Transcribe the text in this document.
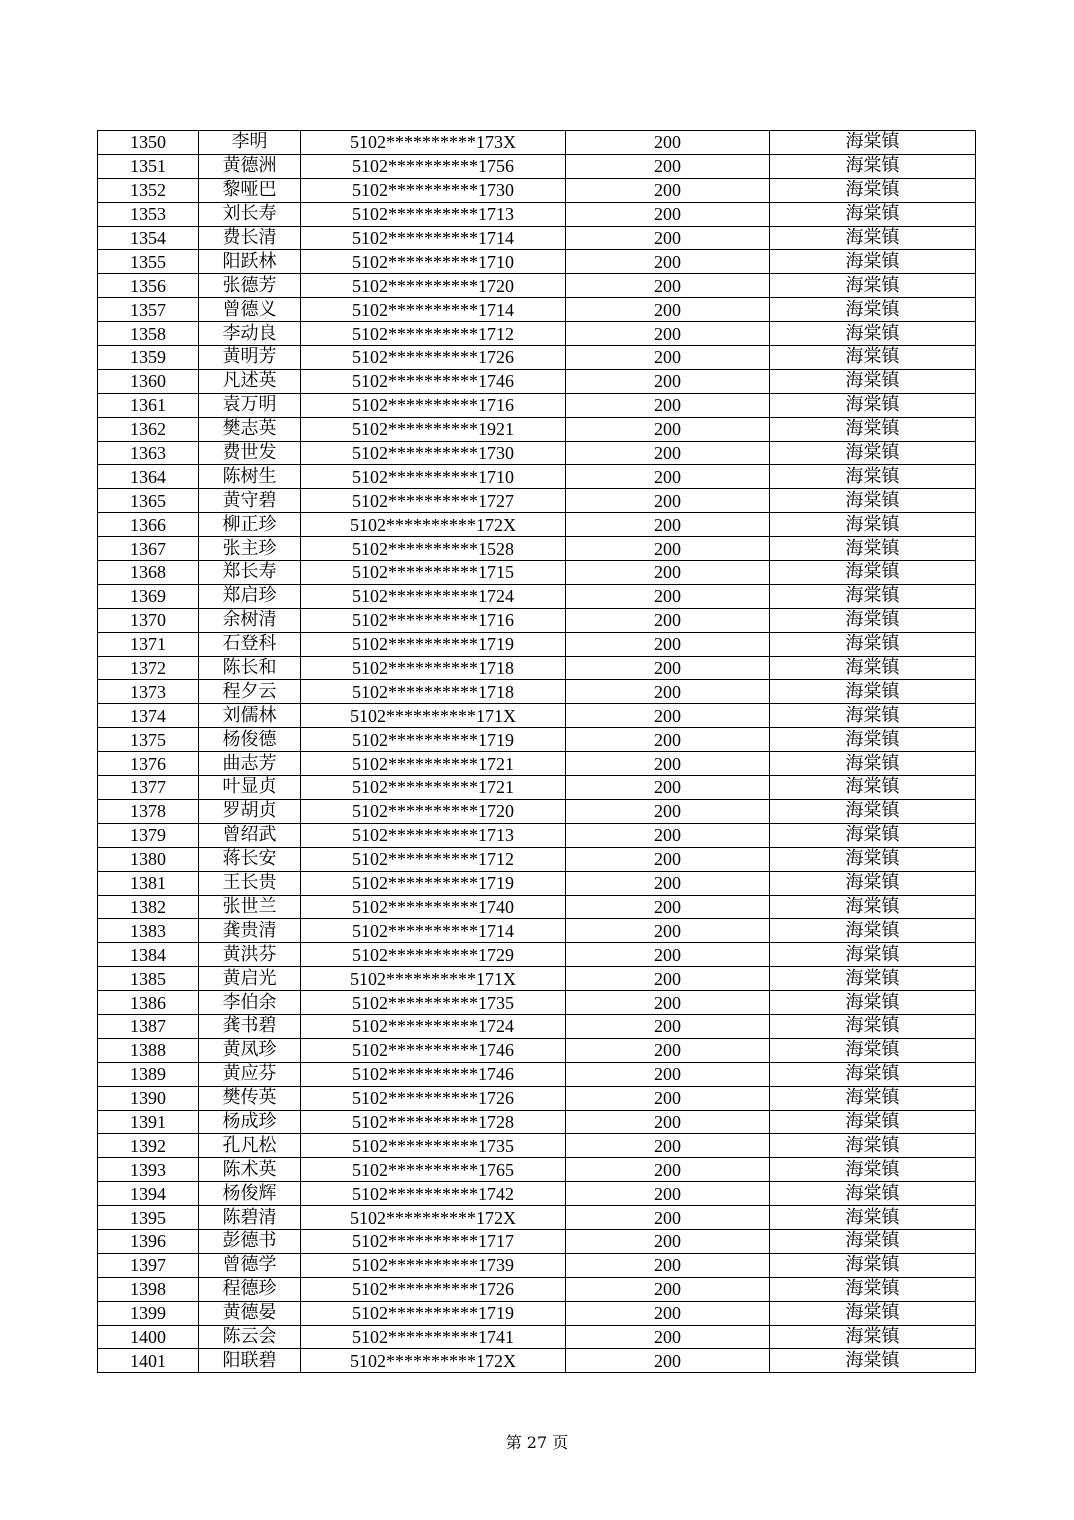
1350	李明	5102**********173X	200	海棠镇
1351	黄德洲	5102**********1756	200	海棠镇
1352	黎哑巴	5102**********1730	200	海棠镇
1353	刘长寿	5102**********1713	200	海棠镇
1354	费长清	5102**********1714	200	海棠镇
1355	阳跃林	5102**********1710	200	海棠镇
1356	张德芳	5102**********1720	200	海棠镇
1357	曾德义	5102**********1714	200	海棠镇
1358	李动良	5102**********1712	200	海棠镇
1359	黄明芳	5102**********1726	200	海棠镇
1360	凡述英	5102**********1746	200	海棠镇
1361	袁万明	5102**********1716	200	海棠镇
1362	樊志英	5102**********1921	200	海棠镇
1363	费世发	5102**********1730	200	海棠镇
1364	陈树生	5102**********1710	200	海棠镇
1365	黄守碧	5102**********1727	200	海棠镇
1366	柳正珍	5102**********172X	200	海棠镇
1367	张主珍	5102**********1528	200	海棠镇
1368	郑长寿	5102**********1715	200	海棠镇
1369	郑启珍	5102**********1724	200	海棠镇
1370	余树清	5102**********1716	200	海棠镇
1371	石登科	5102**********1719	200	海棠镇
1372	陈长和	5102**********1718	200	海棠镇
1373	程夕云	5102**********1718	200	海棠镇
1374	刘儒林	5102**********171X	200	海棠镇
1375	杨俊德	5102**********1719	200	海棠镇
1376	曲志芳	5102**********1721	200	海棠镇
1377	叶显贞	5102**********1721	200	海棠镇
1378	罗胡贞	5102**********1720	200	海棠镇
1379	曾绍武	5102**********1713	200	海棠镇
1380	蒋长安	5102**********1712	200	海棠镇
1381	王长贵	5102**********1719	200	海棠镇
1382	张世兰	5102**********1740	200	海棠镇
1383	龚贵清	5102**********1714	200	海棠镇
1384	黄洪芬	5102**********1729	200	海棠镇
1385	黄启光	5102**********171X	200	海棠镇
1386	李伯余	5102**********1735	200	海棠镇
1387	龚书碧	5102**********1724	200	海棠镇
1388	黄凤珍	5102**********1746	200	海棠镇
1389	黄应芬	5102**********1746	200	海棠镇
1390	樊传英	5102**********1726	200	海棠镇
1391	杨成珍	5102**********1728	200	海棠镇
1392	孔凡松	5102**********1735	200	海棠镇
1393	陈术英	5102**********1765	200	海棠镇
1394	杨俊辉	5102**********1742	200	海棠镇
1395	陈碧清	5102**********172X	200	海棠镇
1396	彭德书	5102**********1717	200	海棠镇
1397	曾德学	5102**********1739	200	海棠镇
1398	程德珍	5102**********1726	200	海棠镇
1399	黄德晏	5102**********1719	200	海棠镇
1400	陈云会	5102**********1741	200	海棠镇
1401	阳联碧	5102**********172X	200	海棠镇
第 27 页
